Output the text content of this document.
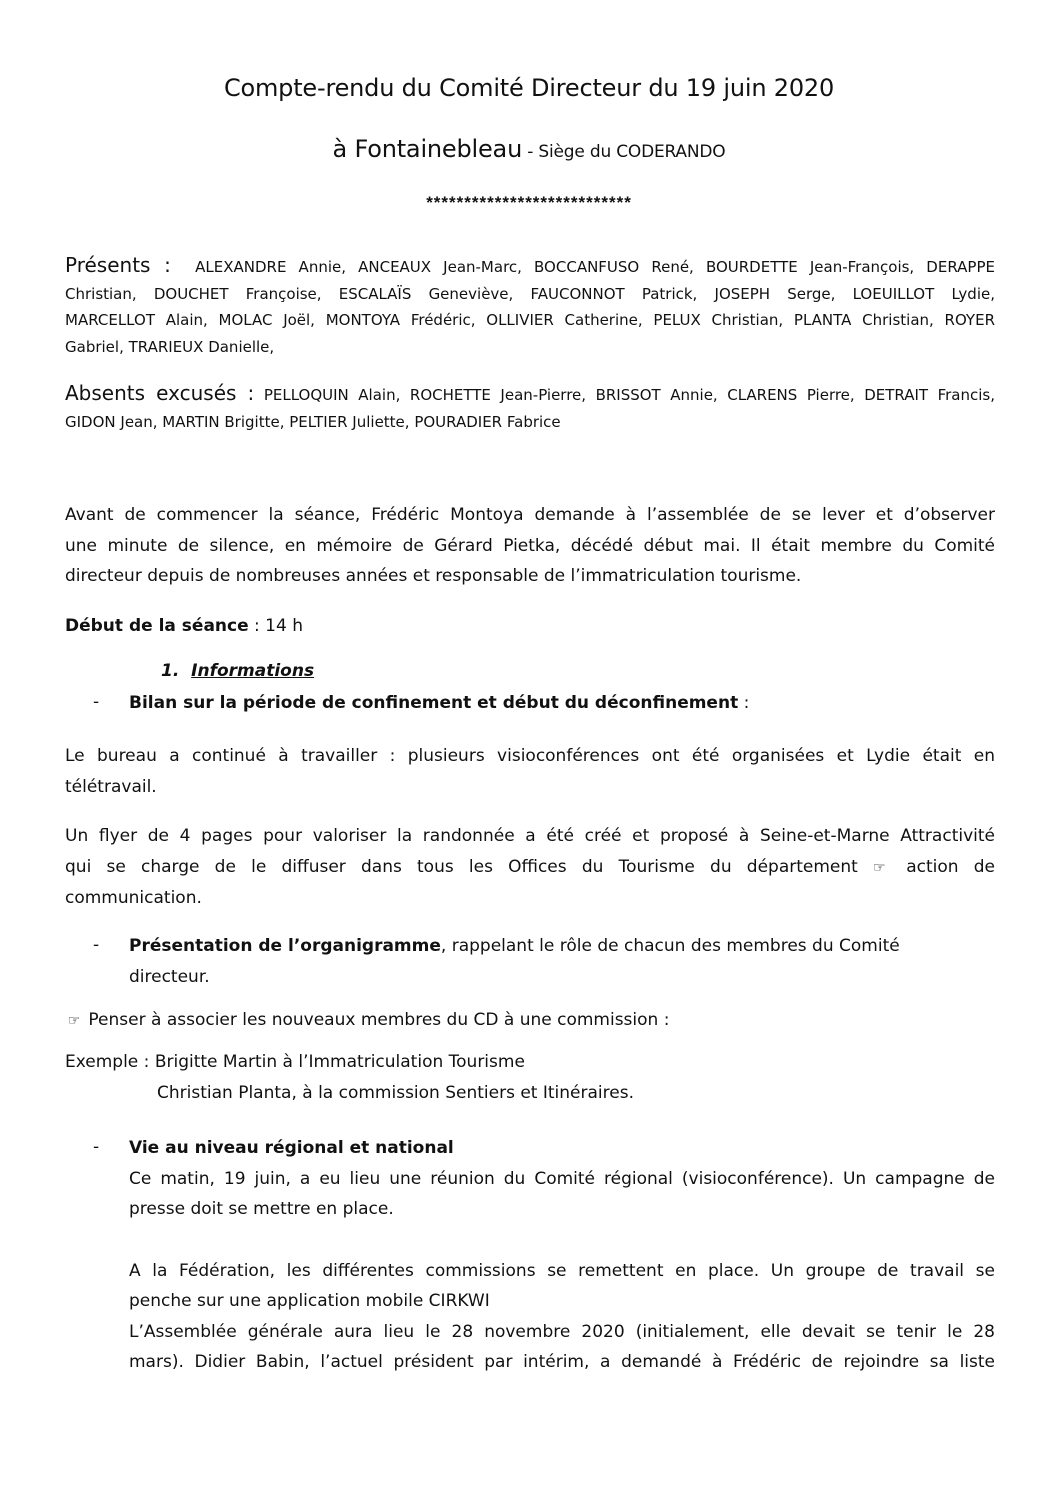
Compte-rendu du Comité Directeur du 19 juin 2020
à Fontainebleau - Siège du CODERANDO
***************************
Présents : ALEXANDRE Annie, ANCEAUX Jean-Marc, BOCCANFUSO René, BOURDETTE Jean-François, DERAPPE
Christian, DOUCHET Françoise, ESCALAÏS Geneviève, FAUCONNOT Patrick, JOSEPH Serge, LOEUILLOT Lydie,
MARCELLOT Alain, MOLAC Joël, MONTOYA Frédéric, OLLIVIER Catherine, PELUX Christian, PLANTA Christian, ROYER
Gabriel, TRARIEUX Danielle,
Absents excusés : PELLOQUIN Alain, ROCHETTE Jean-Pierre, BRISSOT Annie, CLARENS Pierre, DETRAIT Francis,
GIDON Jean, MARTIN Brigitte, PELTIER Juliette, POURADIER Fabrice
Avant de commencer la séance, Frédéric Montoya demande à l’assemblée de se lever et d’observer
une minute de silence, en mémoire de Gérard Pietka, décédé début mai. Il était membre du Comité
directeur depuis de nombreuses années et responsable de l’immatriculation tourisme.
Début de la séance : 14 h
1. Informations
- Bilan sur la période de confinement et début du déconfinement :
Le bureau a continué à travailler : plusieurs visioconférences ont été organisées et Lydie était en
télétravail.
Un flyer de 4 pages pour valoriser la randonnée a été créé et proposé à Seine-et-Marne Attractivité
qui se charge de le diffuser dans tous les Offices du Tourisme du département ☞ action de
communication.
- Présentation de l’organigramme, rappelant le rôle de chacun des membres du Comité
directeur.
☞ Penser à associer les nouveaux membres du CD à une commission :
Exemple : Brigitte Martin à l’Immatriculation Tourisme
Christian Planta, à la commission Sentiers et Itinéraires.
- Vie au niveau régional et national
Ce matin, 19 juin, a eu lieu une réunion du Comité régional (visioconférence). Un campagne de
presse doit se mettre en place.
A la Fédération, les différentes commissions se remettent en place. Un groupe de travail se
penche sur une application mobile CIRKWI
L’Assemblée générale aura lieu le 28 novembre 2020 (initialement, elle devait se tenir le 28
mars). Didier Babin, l’actuel président par intérim, a demandé à Frédéric de rejoindre sa liste
